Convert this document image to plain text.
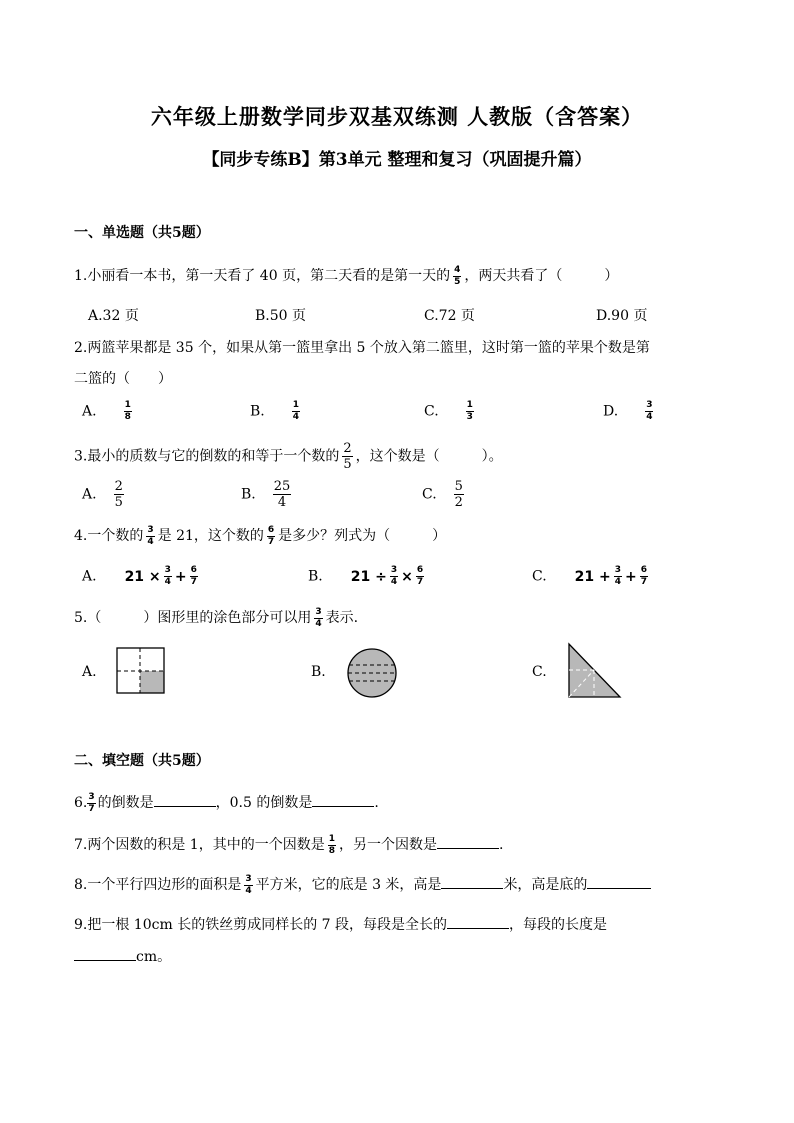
六年级上册数学同步双基双练测 人教版（含答案）
【同步专练B】第3单元 整理和复习（巩固提升篇）
一、单选题（共5题）
1.小丽看一本书，第一天看了 40 页，第二天看的是第一天的 $\frac{4}{5}$ ，两天共看了（　　　）
A.32 页	B.50 页	C.72 页	D.90 页
2.两篮苹果都是 35 个，如果从第一篮里拿出 5 个放入第二篮里，这时第一篮的苹果个数是第
二篮的（　　）
A.	$\frac{1}{8}$	B.	$\frac{1}{4}$	C.	$\frac{1}{3}$	D.	$\frac{3}{4}$
3.最小的质数与它的倒数的和等于一个数的 $\frac{2}{5}$ ，这个数是（　　　）。
A. $\frac{2}{5}$	B. $\frac{25}{4}$	C. $\frac{5}{2}$
4.一个数的 $\frac{3}{4}$ 是 21，这个数的 $\frac{6}{7}$ 是多少？列式为（　　　）
A. $21 \times \frac{3}{4} + \frac{6}{7}$	B. $21 \div \frac{3}{4} \times \frac{6}{7}$	C. $21 + \frac{3}{4} + \frac{6}{7}$
5.（　　　）图形里的涂色部分可以用 $\frac{3}{4}$ 表示.
A.	B.	C.
二、填空题（共5题）
6. $\frac{3}{7}$ 的倒数是	，0.5 的倒数是	.
7.两个因数的积是 1，其中的一个因数是 $\frac{1}{8}$ ，另一个因数是	.
8.一个平行四边形的面积是 $\frac{3}{4}$ 平方米，它的底是 3 米，高是	米，高是底的
9.把一根 10cm 长的铁丝剪成同样长的 7 段，每段是全长的	，每段的长度是
cm。
